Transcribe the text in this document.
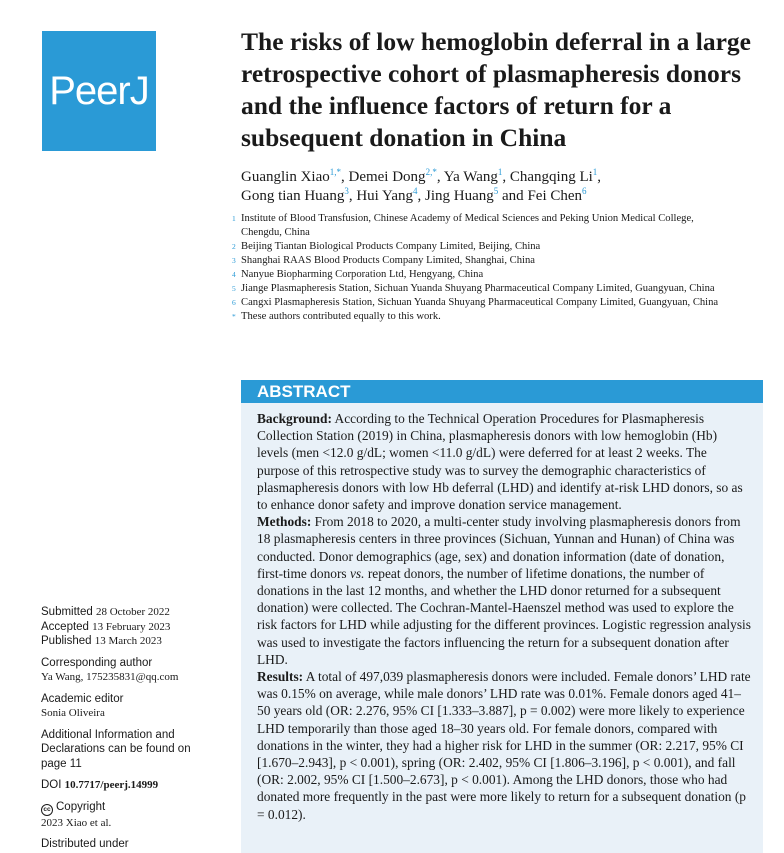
PeerJ
The risks of low hemoglobin deferral in a large retrospective cohort of plasmapheresis donors and the influence factors of return for a subsequent donation in China
Guanglin Xiao$^{1,*}$, Demei Dong$^{2,*}$, Ya Wang$^1$, Changqing Li$^1$,
Gong tian Huang$^3$, Hui Yang$^4$, Jing Huang$^5$ and Fei Chen$^6$
1 Institute of Blood Transfusion, Chinese Academy of Medical Sciences and Peking Union Medical College, Chengdu, China
2 Beijing Tiantan Biological Products Company Limited, Beijing, China
3 Shanghai RAAS Blood Products Company Limited, Shanghai, China
4 Nanyue Biopharming Corporation Ltd, Hengyang, China
5 Jiange Plasmapheresis Station, Sichuan Yuanda Shuyang Pharmaceutical Company Limited, Guangyuan, China
6 Cangxi Plasmapheresis Station, Sichuan Yuanda Shuyang Pharmaceutical Company Limited, Guangyuan, China
* These authors contributed equally to this work.
ABSTRACT

Background: According to the Technical Operation Procedures for Plasmapheresis Collection Station (2019) in China, plasmapheresis donors with low hemoglobin (Hb) levels (men <12.0 g/dL; women <11.0 g/dL) were deferred for at least 2 weeks. The purpose of this retrospective study was to survey the demographic characteristics of plasmapheresis donors with low Hb deferral (LHD) and identify at-risk LHD donors, so as to enhance donor safety and improve donation service management.

Methods: From 2018 to 2020, a multi-center study involving plasmapheresis donors from 18 plasmapheresis centers in three provinces (Sichuan, Yunnan and Hunan) of China was conducted. Donor demographics (age, sex) and donation information (date of donation, first-time donors vs. repeat donors, the number of lifetime donations, the number of donations in the last 12 months, and whether the LHD donor returned for a subsequent donation) were collected. The Cochran-Mantel-Haenszel method was used to explore the risk factors for LHD while adjusting for the different provinces. Logistic regression analysis was used to investigate the factors influencing the return for a subsequent donation after LHD.

Results: A total of 497,039 plasmapheresis donors were included. Female donors’ LHD rate was 0.15% on average, while male donors’ LHD rate was 0.01%. Female donors aged 41–50 years old (OR: 2.276, 95% CI [1.333–3.887], p = 0.002) were more likely to experience LHD temporarily than those aged 18–30 years old. For female donors, compared with donations in the winter, they had a higher risk for LHD in the summer (OR: 2.217, 95% CI [1.670–2.943], p < 0.001), spring (OR: 2.402, 95% CI [1.806–3.196], p < 0.001), and fall (OR: 2.002, 95% CI [1.500–2.673], p < 0.001). Among the LHD donors, those who had donated more frequently in the past were more likely to return for a subsequent donation (p = 0.012).

Submitted 28 October 2022
Accepted 13 February 2023
Published 13 March 2023
Corresponding author
Ya Wang, 175235831@qq.com
Academic editor
Sonia Oliveira
Additional Information and Declarations can be found on page 11
DOI 10.7717/peerj.14999
cc Copyright
2023 Xiao et al.
Distributed under
